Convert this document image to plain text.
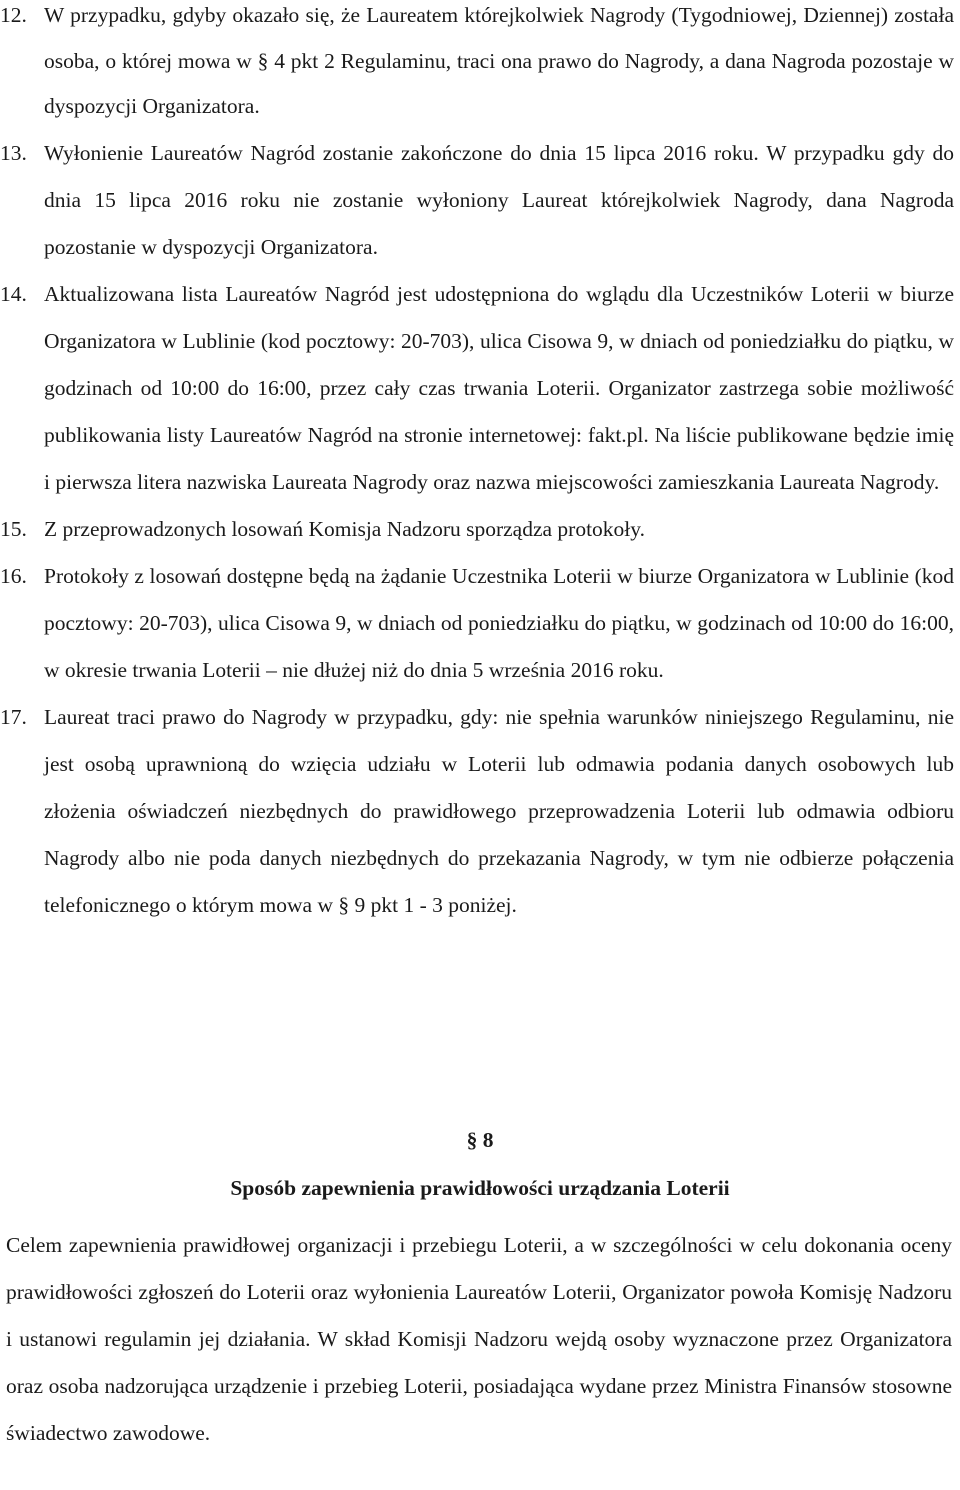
12. W przypadku, gdyby okazało się, że Laureatem którejkolwiek Nagrody (Tygodniowej, Dziennej) została osoba, o której mowa w § 4 pkt 2 Regulaminu, traci ona prawo do Nagrody, a dana Nagroda pozostaje w dyspozycji Organizatora.
13. Wyłonienie Laureatów Nagród zostanie zakończone do dnia 15 lipca 2016 roku. W przypadku gdy do dnia 15 lipca 2016 roku nie zostanie wyłoniony Laureat którejkolwiek Nagrody, dana Nagroda pozostanie w dyspozycji Organizatora.
14. Aktualizowana lista Laureatów Nagród jest udostępniona do wglądu dla Uczestników Loterii w biurze Organizatora w Lublinie (kod pocztowy: 20-703), ulica Cisowa 9, w dniach od poniedziałku do piątku, w godzinach od 10:00 do 16:00, przez cały czas trwania Loterii. Organizator zastrzega sobie możliwość publikowania listy Laureatów Nagród na stronie internetowej: fakt.pl. Na liście publikowane będzie imię i pierwsza litera nazwiska Laureata Nagrody oraz nazwa miejscowości zamieszkania Laureata Nagrody.
15. Z przeprowadzonych losowań Komisja Nadzoru sporządza protokoły.
16. Protokoły z losowań dostępne będą na żądanie Uczestnika Loterii w biurze Organizatora w Lublinie (kod pocztowy: 20-703), ulica Cisowa 9, w dniach od poniedziałku do piątku, w godzinach od 10:00 do 16:00, w okresie trwania Loterii – nie dłużej niż do dnia 5 września 2016 roku.
17. Laureat traci prawo do Nagrody w przypadku, gdy: nie spełnia warunków niniejszego Regulaminu, nie jest osobą uprawnioną do wzięcia udziału w Loterii lub odmawia podania danych osobowych lub złożenia oświadczeń niezbędnych do prawidłowego przeprowadzenia Loterii lub odmawia odbioru Nagrody albo nie poda danych niezbędnych do przekazania Nagrody, w tym nie odbierze połączenia telefonicznego o którym mowa w § 9 pkt 1 - 3 poniżej.
§ 8
Sposób zapewnienia prawidłowości urządzania Loterii
Celem zapewnienia prawidłowej organizacji i przebiegu Loterii, a w szczególności w celu dokonania oceny prawidłowości zgłoszeń do Loterii oraz wyłonienia Laureatów Loterii, Organizator powoła Komisję Nadzoru i ustanowi regulamin jej działania. W skład Komisji Nadzoru wejdą osoby wyznaczone przez Organizatora oraz osoba nadzorująca urządzenie i przebieg Loterii, posiadająca wydane przez Ministra Finansów stosowne świadectwo zawodowe.
